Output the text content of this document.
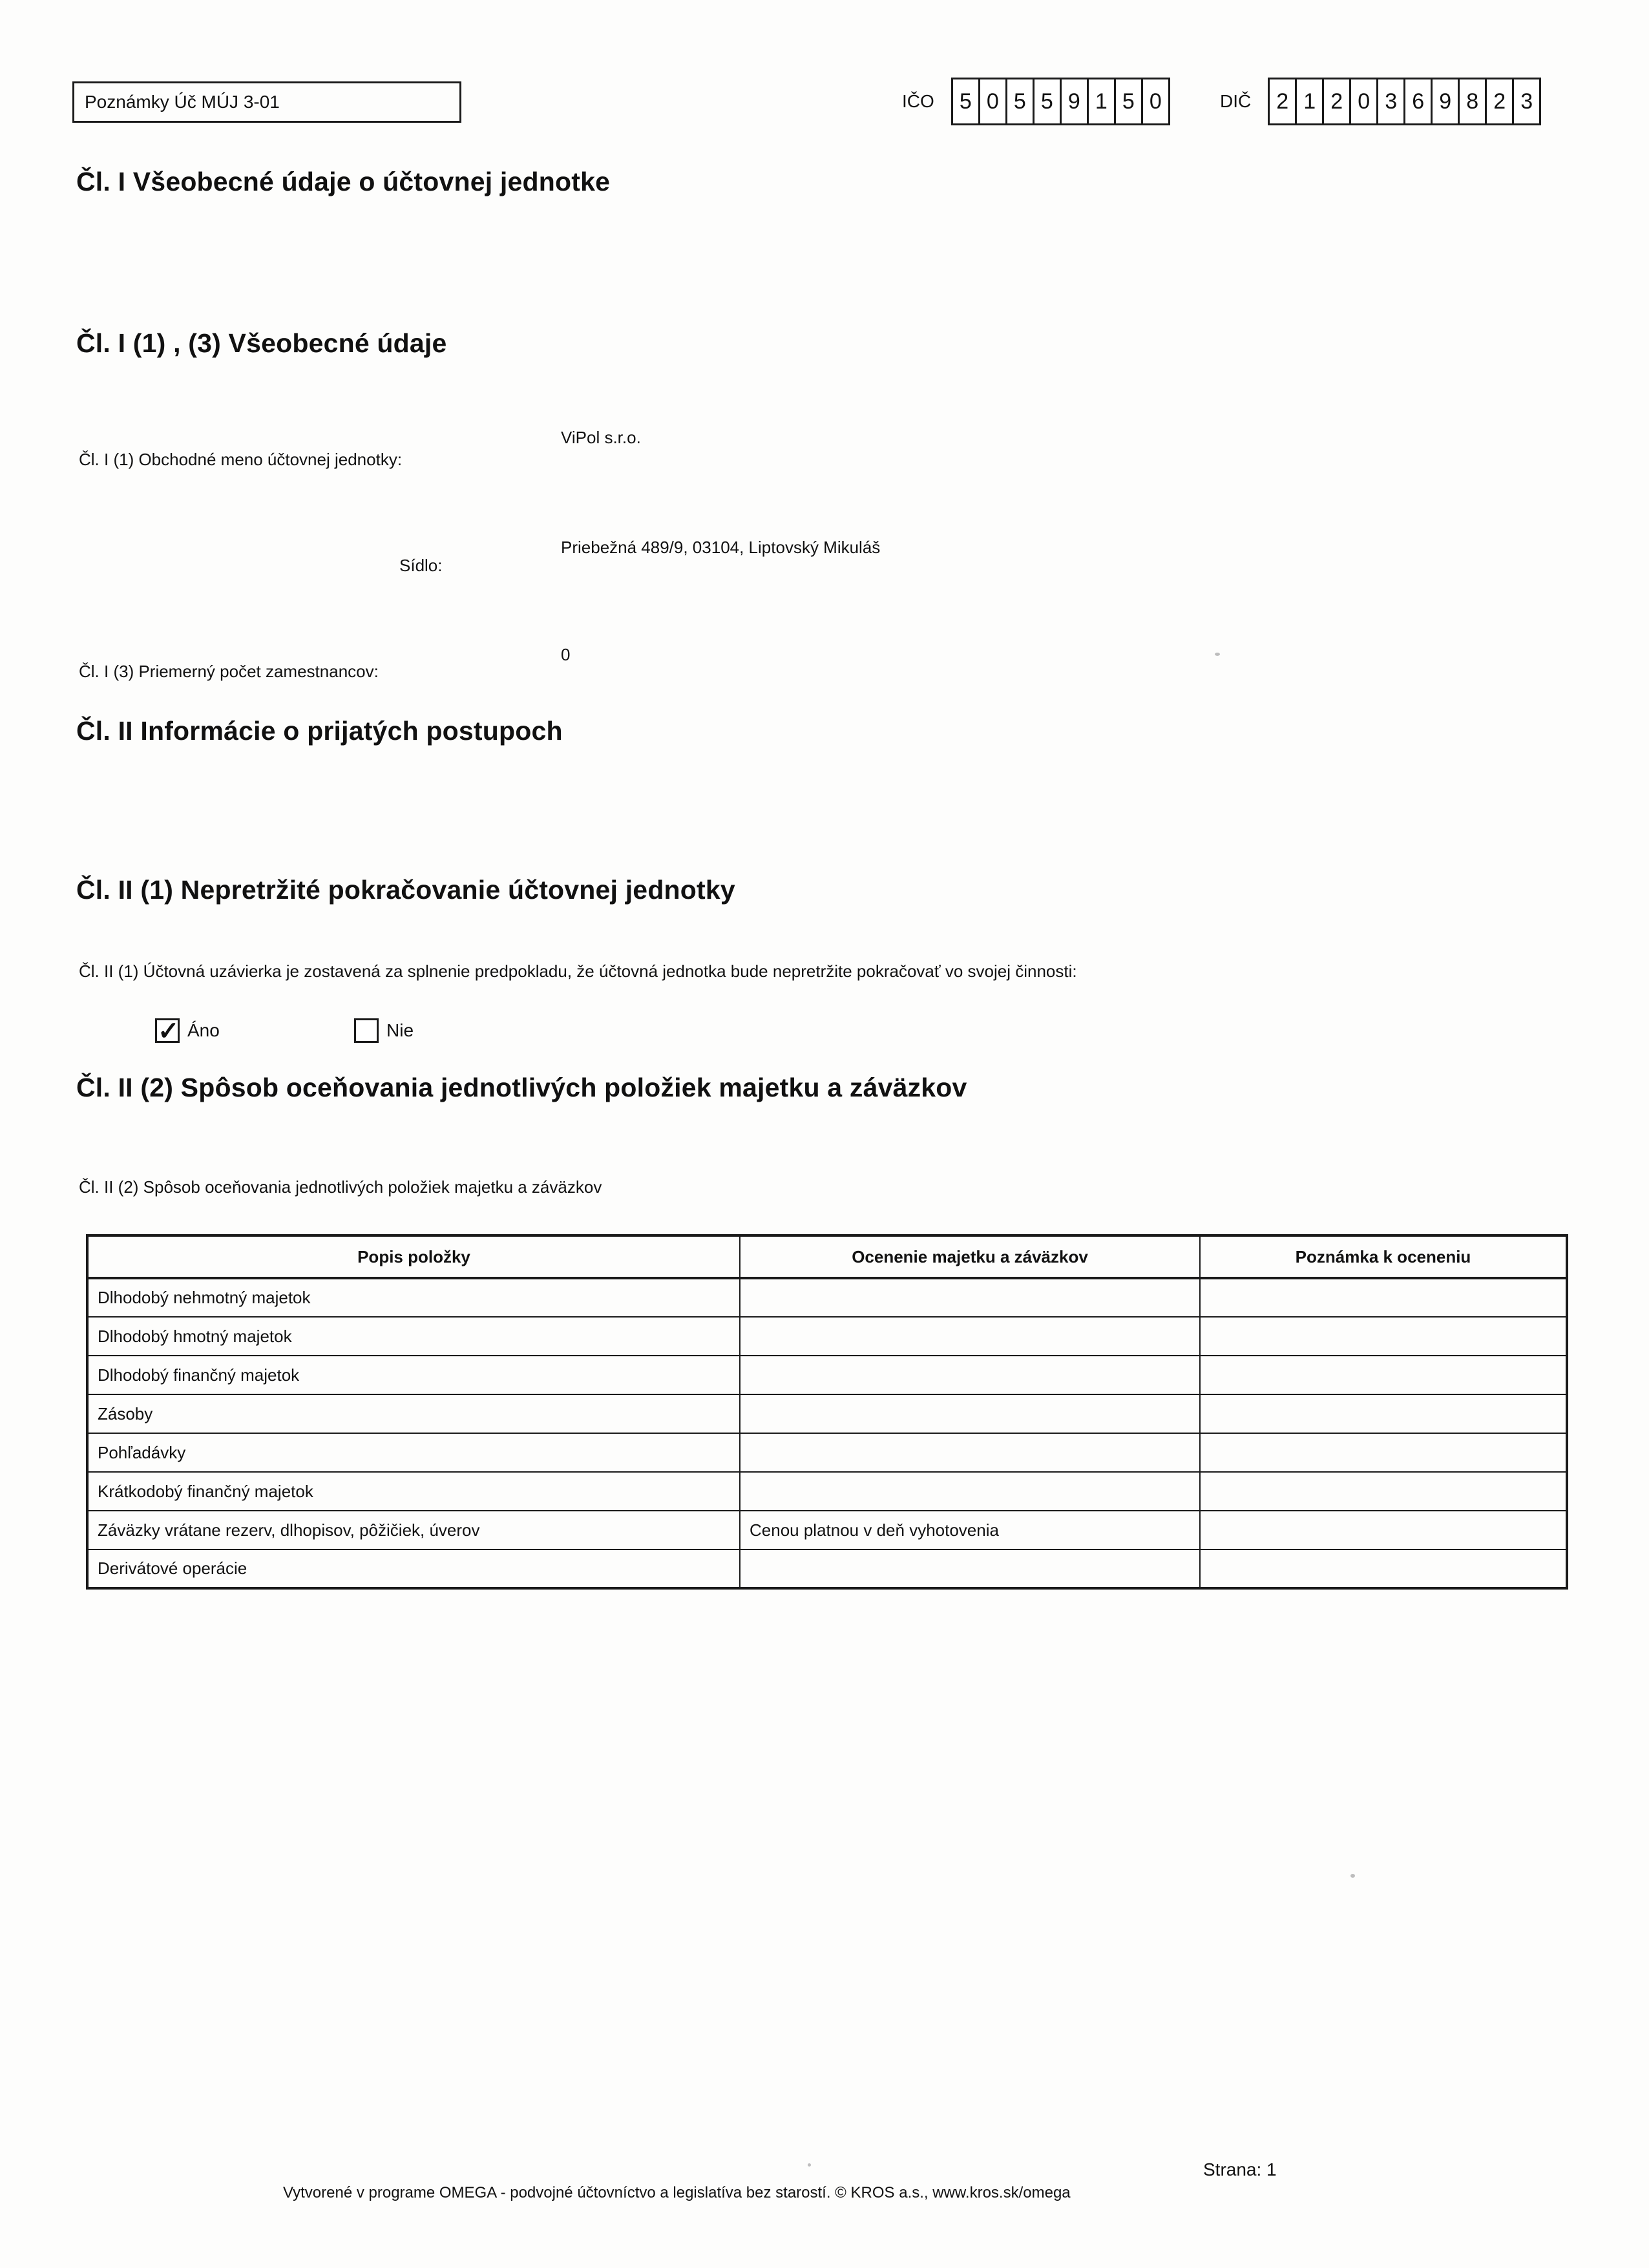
Poznámky Úč MÚJ 3-01	IČO	5 0 5 5 9 1 5 0	DIČ	2 1 2 0 3 6 9 8 2 3
Čl. I Všeobecné údaje o účtovnej jednotke
Čl. I (1) , (3) Všeobecné údaje
Čl. I (1) Obchodné meno účtovnej jednotky:
ViPol s.r.o.
Sídlo:
Priebežná 489/9, 03104, Liptovský Mikuláš
Čl. I (3) Priemerný počet zamestnancov:
0
Čl. II Informácie o prijatých postupoch
Čl. II (1) Nepretržité pokračovanie účtovnej jednotky
Čl. II (1) Účtovná uzávierka je zostavená za splnenie predpokladu, že účtovná jednotka bude nepretržite pokračovať vo svojej činnosti:
✓
Áno	Nie
Čl. II (2) Spôsob oceňovania jednotlivých položiek majetku a záväzkov
Čl. II (2) Spôsob oceňovania jednotlivých položiek majetku a záväzkov
Popis položky	Ocenenie majetku a záväzkov	Poznámka k oceneniu
Dlhodobý nehmotný majetok		
Dlhodobý hmotný majetok		
Dlhodobý finančný majetok		
Zásoby		
Pohľadávky		
Krátkodobý finančný majetok		
Záväzky vrátane rezerv, dlhopisov, pôžičiek, úverov	Cenou platnou v deň vyhotovenia	
Derivátové operácie		
Vytvorené v programe OMEGA - podvojné účtovníctvo a legislatíva bez starostí. © KROS a.s., www.kros.sk/omega
Strana: 1
